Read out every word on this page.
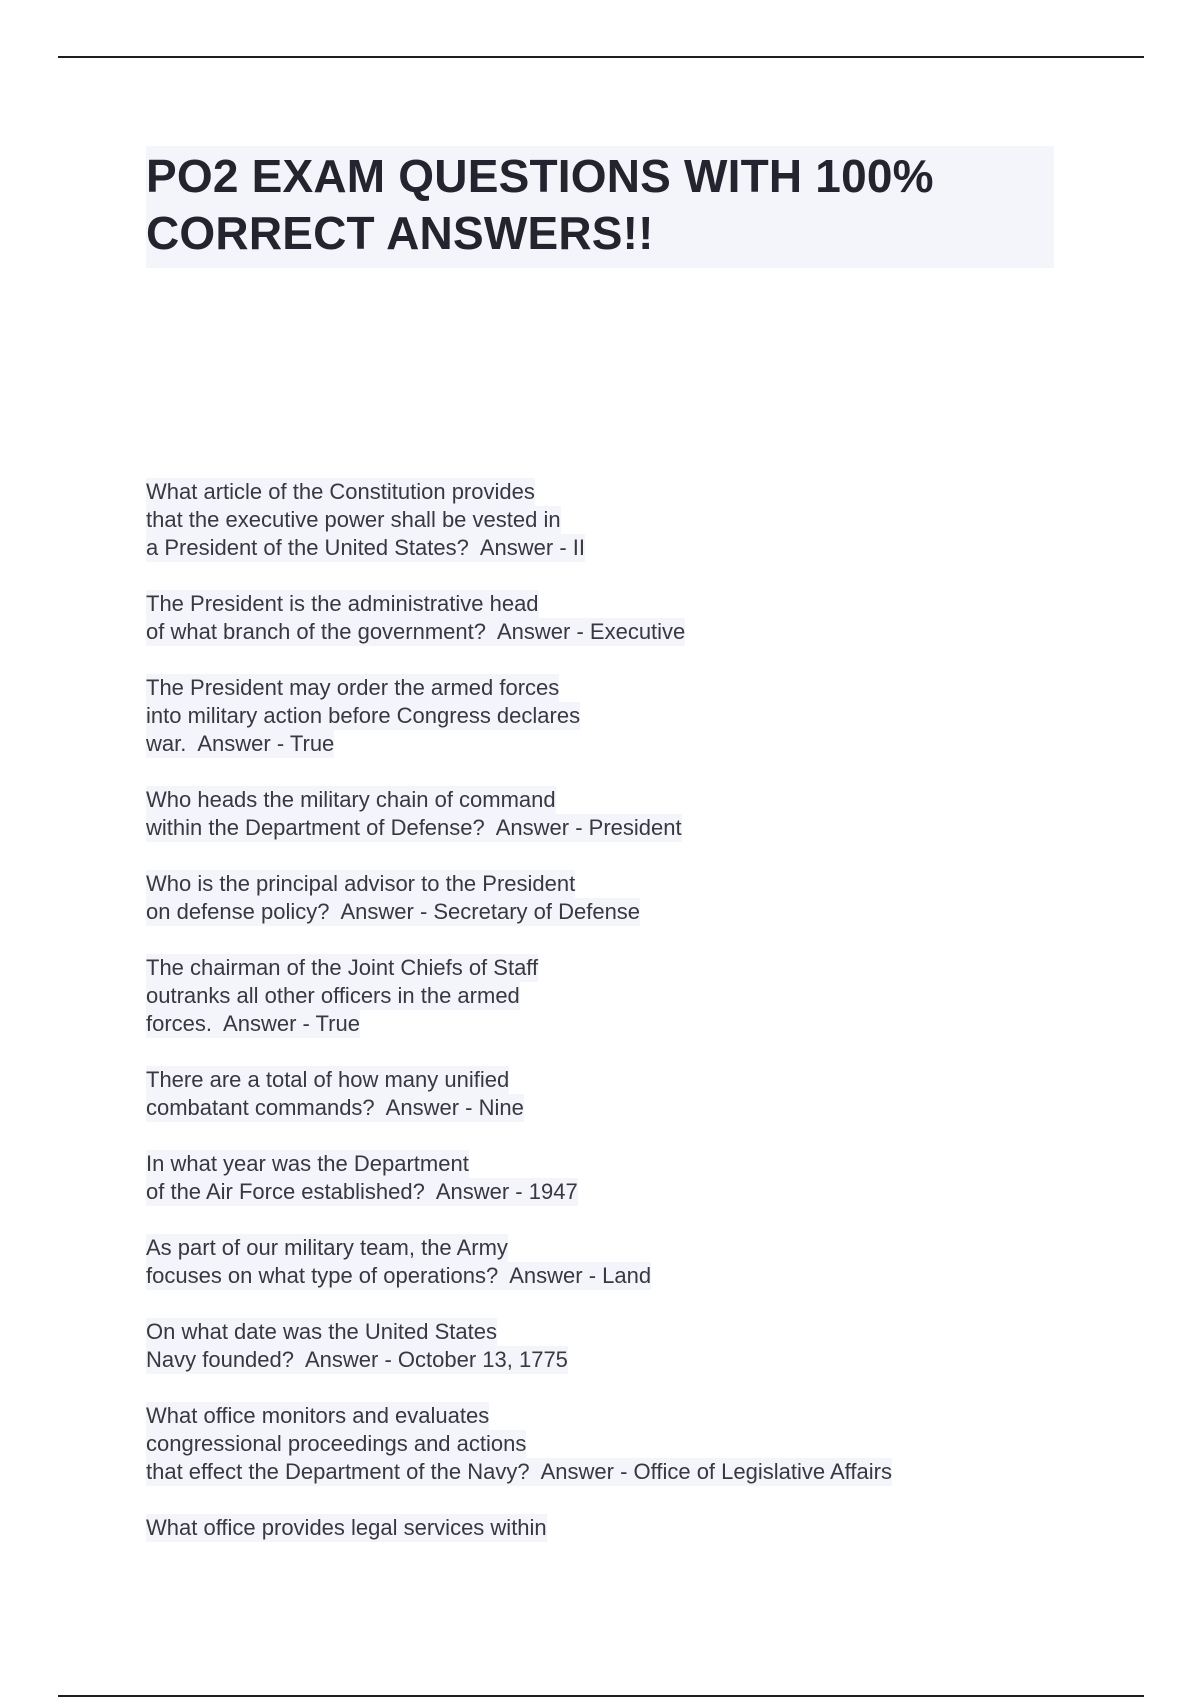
PO2 EXAM QUESTIONS WITH 100%
CORRECT ANSWERS!!
What article of the Constitution provides
that the executive power shall be vested in
a President of the United States?  Answer - II
The President is the administrative head
of what branch of the government?  Answer - Executive
The President may order the armed forces
into military action before Congress declares
war.  Answer - True
Who heads the military chain of command
within the Department of Defense?  Answer - President
Who is the principal advisor to the President
on defense policy?  Answer - Secretary of Defense
The chairman of the Joint Chiefs of Staff
outranks all other officers in the armed
forces.  Answer - True
There are a total of how many unified
combatant commands?  Answer - Nine
In what year was the Department
of the Air Force established?  Answer - 1947
As part of our military team, the Army
focuses on what type of operations?  Answer - Land
On what date was the United States
Navy founded?  Answer - October 13, 1775
What office monitors and evaluates
congressional proceedings and actions
that effect the Department of the Navy?  Answer - Office of Legislative Affairs
What office provides legal services within
